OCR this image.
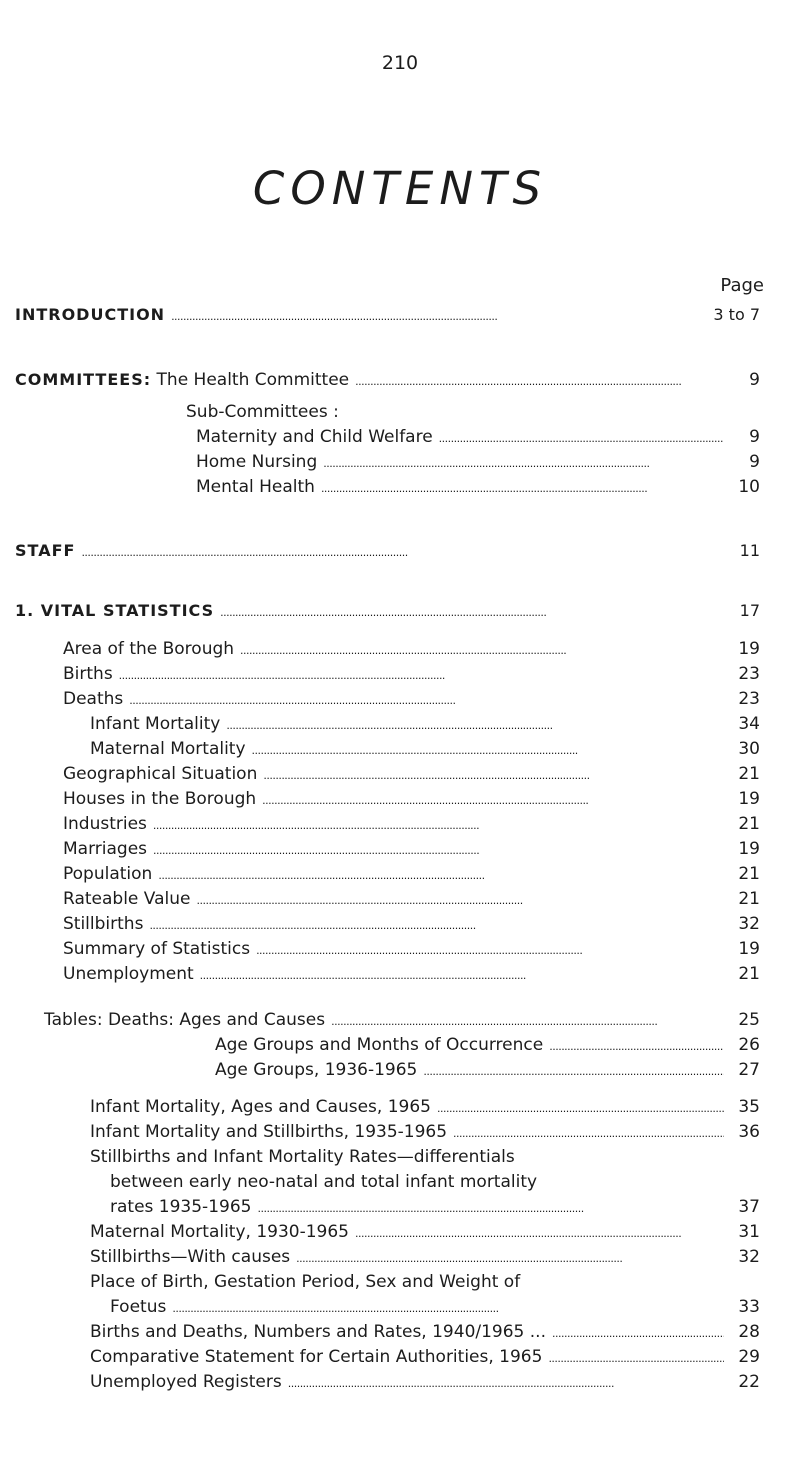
210
CONTENTS
Page
INTRODUCTION . . .	3 to 7
COMMITTEES: The Health Committee . . .	9
Sub-Committees :
Maternity and Child Welfare . . .	9
Home Nursing . . .	9
Mental Health . . .	10
STAFF . . .	11
1. VITAL STATISTICS . . .	17
Area of the Borough . . .	19
Births . . .	23
Deaths . . .	23
Infant Mortality . . .	34
Maternal Mortality . . .	30
Geographical Situation . . .	21
Houses in the Borough . . .	19
Industries . . .	21
Marriages . . .	19
Population . . .	21
Rateable Value . . .	21
Stillbirths . . .	32
Summary of Statistics . . .	19
Unemployment . . .	21
Tables: Deaths: Ages and Causes . . .	25
Age Groups and Months of Occurrence . . .	26
Age Groups, 1936-1965 . . .	27
Infant Mortality, Ages and Causes, 1965 . . .	35
Infant Mortality and Stillbirths, 1935-1965 . . .	36
Stillbirths and Infant Mortality Rates—differentials
between early neo-natal and total infant mortality
rates 1935-1965 . . .	37
Maternal Mortality, 1930-1965 . . .	31
Stillbirths—With causes . . .	32
Place of Birth, Gestation Period, Sex and Weight of
Foetus . . .	33
Births and Deaths, Numbers and Rates, 1940/1965 ... . . .	28
Comparative Statement for Certain Authorities, 1965 . . .	29
Unemployed Registers . . .	22
